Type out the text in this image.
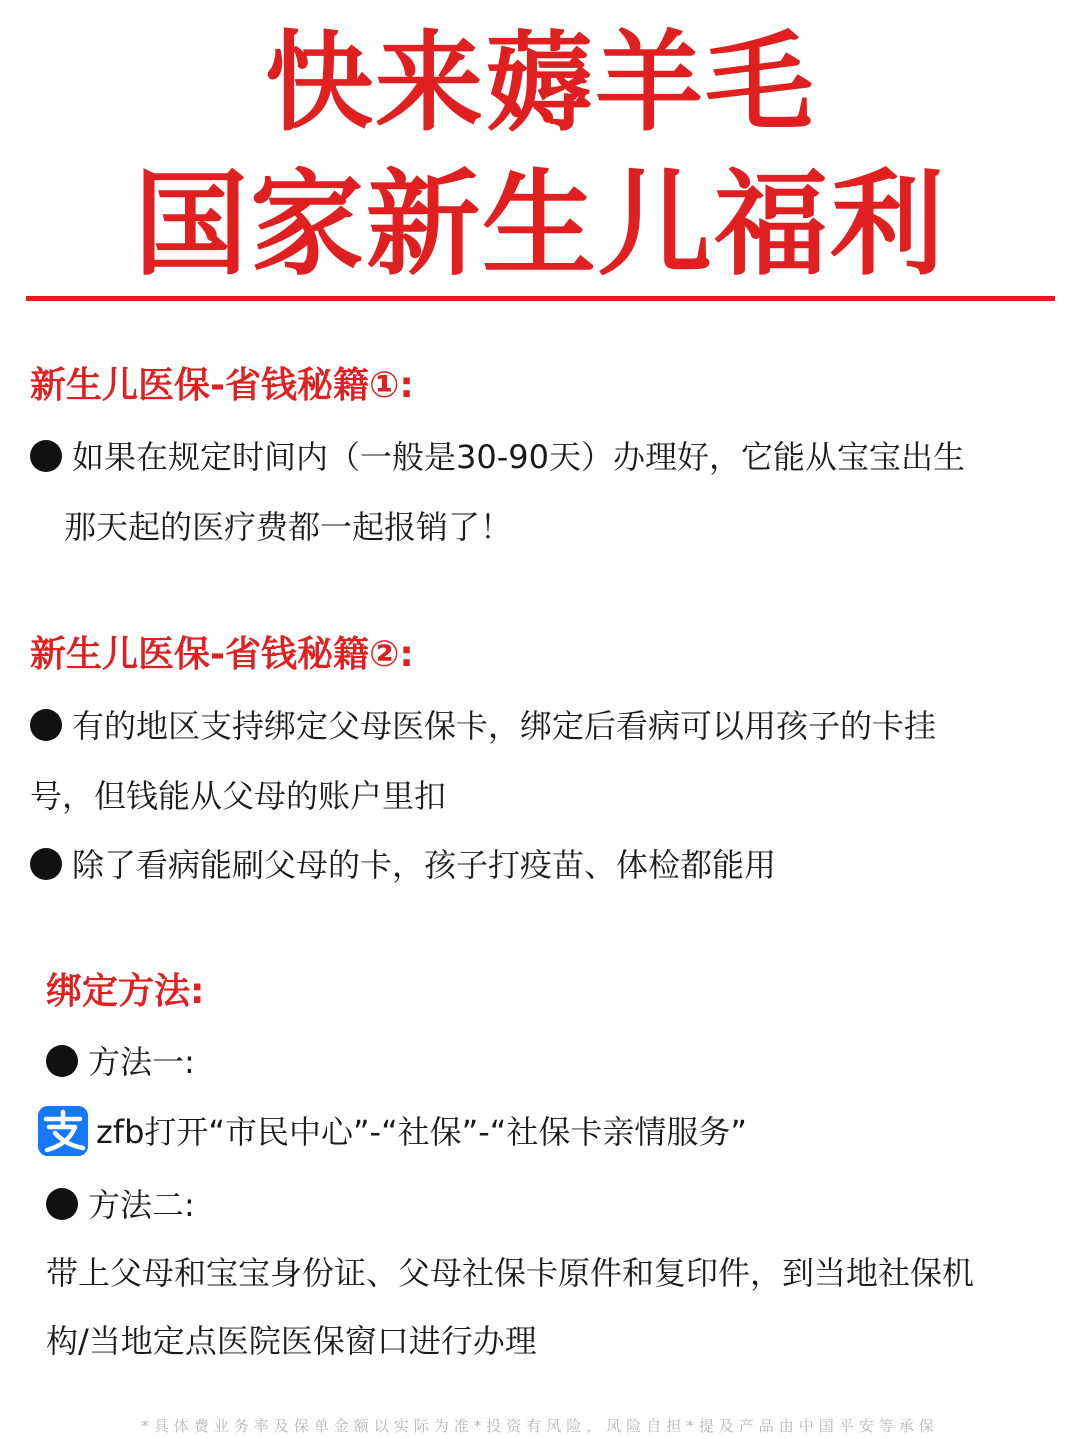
快来薅羊毛
国家新生儿福利
新生儿医保-省钱秘籍①:
如果在规定时间内（一般是30-90天）办理好，它能从宝宝出生
那天起的医疗费都一起报销了！
新生儿医保-省钱秘籍②:
有的地区支持绑定父母医保卡，绑定后看病可以用孩子的卡挂
号，但钱能从父母的账户里扣
除了看病能刷父母的卡，孩子打疫苗、体检都能用
绑定方法:
方法一:
zfb打开“市民中心”-“社保”-“社保卡亲情服务”
方法二:
带上父母和宝宝身份证、父母社保卡原件和复印件，到当地社保机
构/当地定点医院医保窗口进行办理
*具体费业务率及保单金额以实际为准*投资有风险，风险自担*提及产品由中国平安等承保
